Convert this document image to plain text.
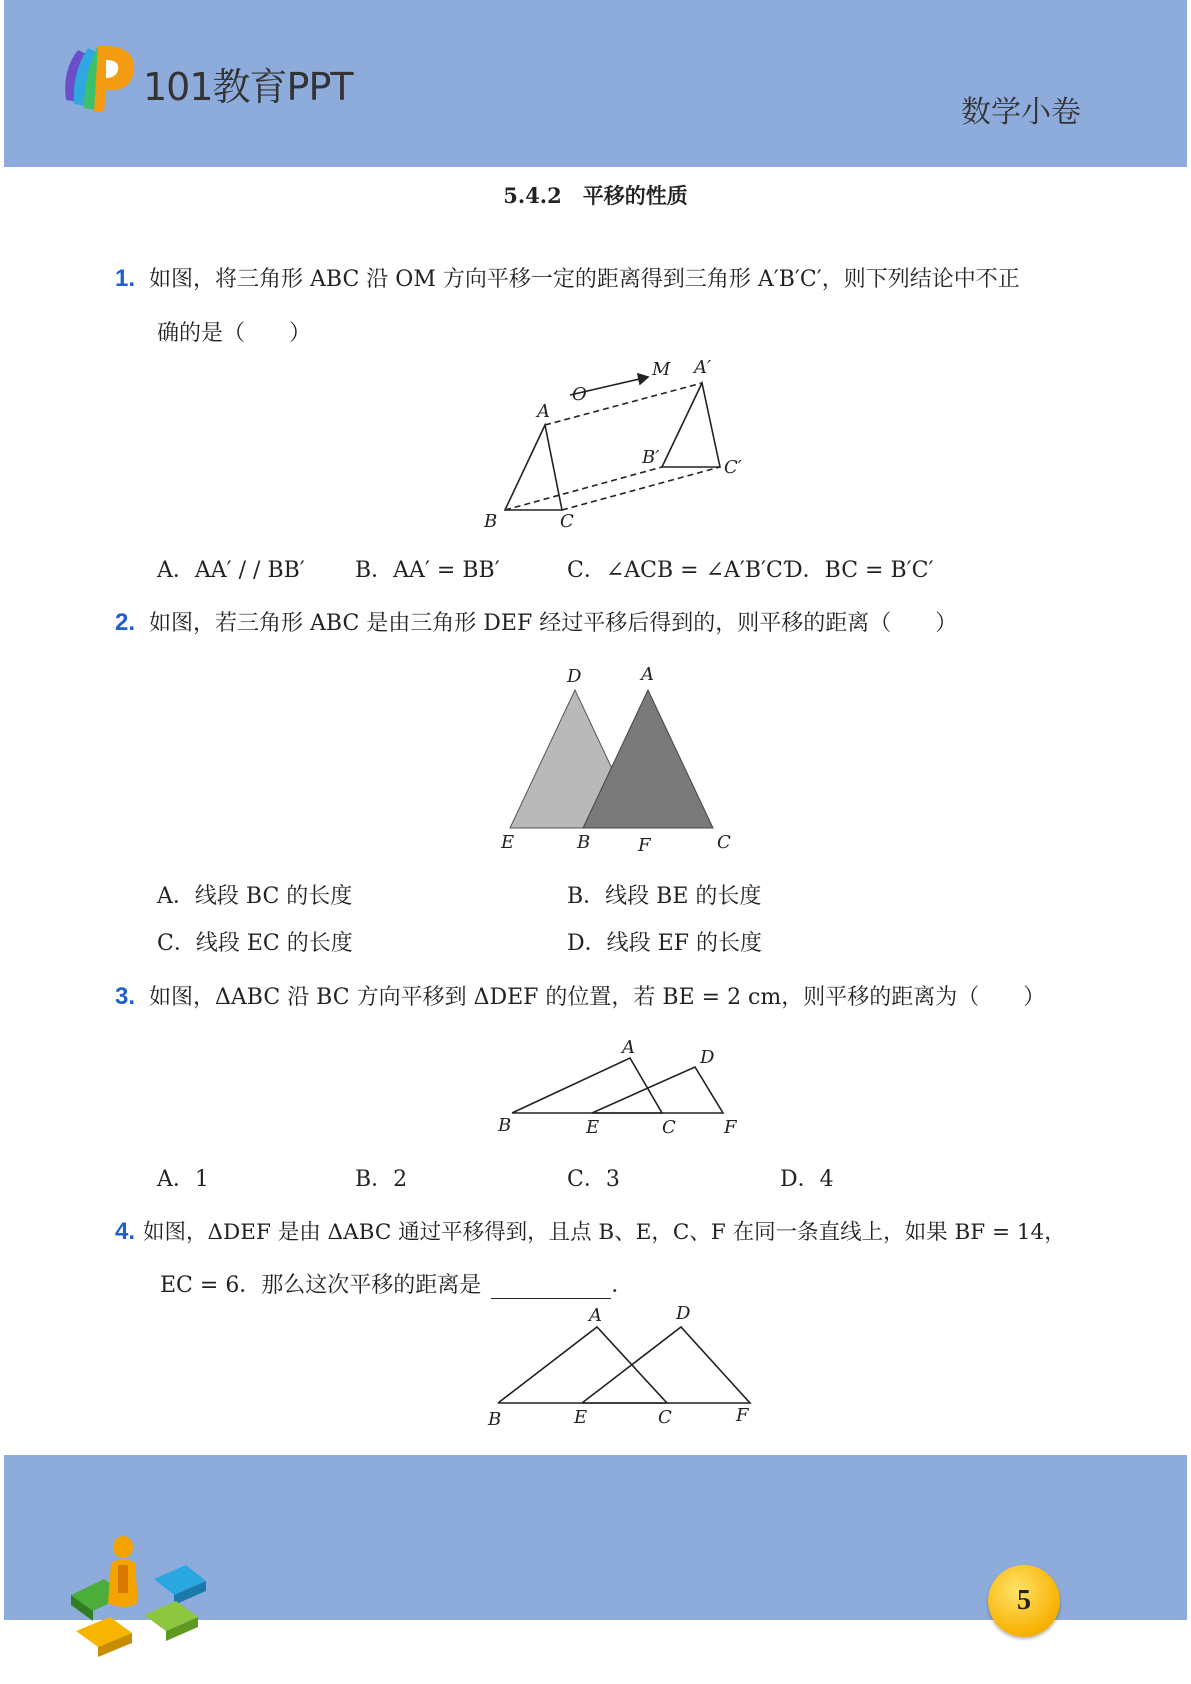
101教育PPT
数学小卷
5.4.2　平移的性质
1. 如图，将三角形 ABC 沿 OM 方向平移一定的距离得到三角形 A′B′C′，则下列结论中不正
确的是（　　）
O
M A′
A
B′	C′
B	C
A．AA′ / / BB′ B．AA′ = BB′	C．∠ACB = ∠A′B′C′
D．BC = B′C′
2. 如图，若三角形 ABC 是由三角形 DEF 经过平移后得到的，则平移的距离（　　）
D	A
E	B	F	C
A．线段 BC 的长度	B．线段 BE 的长度
C．线段 EC 的长度	D．线段 EF 的长度
3. 如图，ΔABC 沿 BC 方向平移到 ΔDEF 的位置，若 BE = 2 cm，则平移的距离为（　　）
A	D
B	E	C	F
A．1	B．2	C．3	D．4
4. 如图，ΔDEF 是由 ΔABC 通过平移得到，且点 B、E，C、F 在同一条直线上，如果 BF = 14，
EC = 6．那么这次平移的距离是	．
A	D
B	E	C	F
5
